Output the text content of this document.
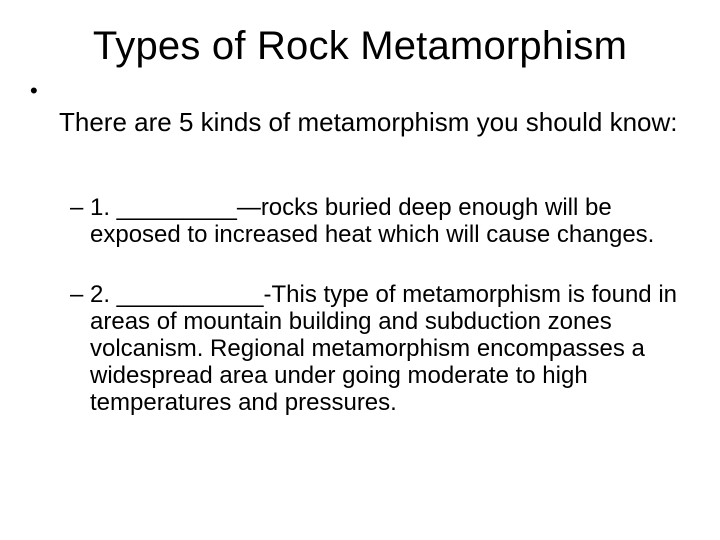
Types of Rock Metamorphism
•
There are 5 kinds of metamorphism you should know:
– 1. _________—rocks buried deep enough will be exposed to increased heat which will cause changes.
– 2. ___________-This type of metamorphism is found in areas of mountain building and subduction zones volcanism. Regional metamorphism encompasses a widespread area under going moderate to high temperatures and pressures.
